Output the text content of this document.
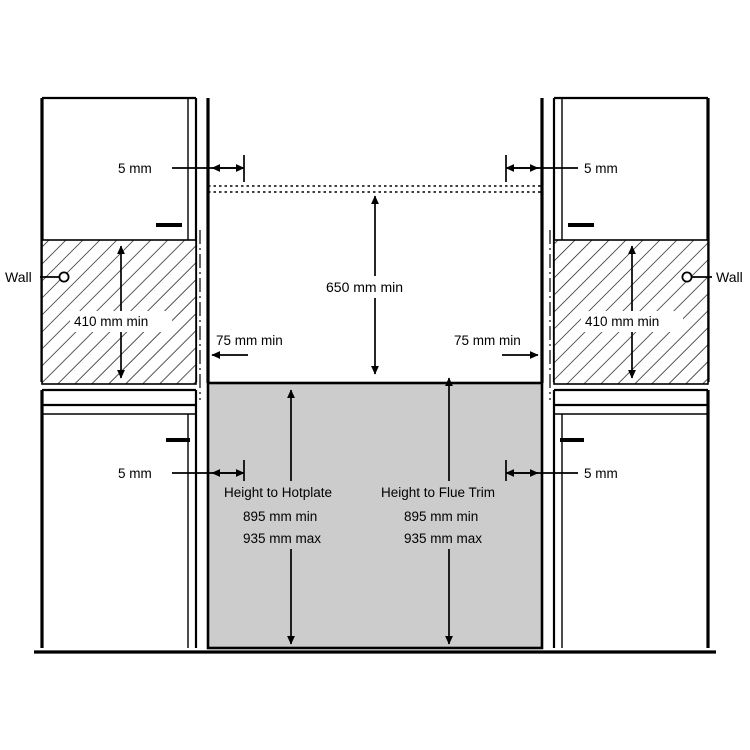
5 mm	5 mm
650 mm min
75 mm min	75 mm min
410 mm min	410 mm min
Wall	Wall
5 mm	5 mm
Height to Hotplate
895 mm min
935 mm max
Height to Flue Trim
895 mm min
935 mm max
